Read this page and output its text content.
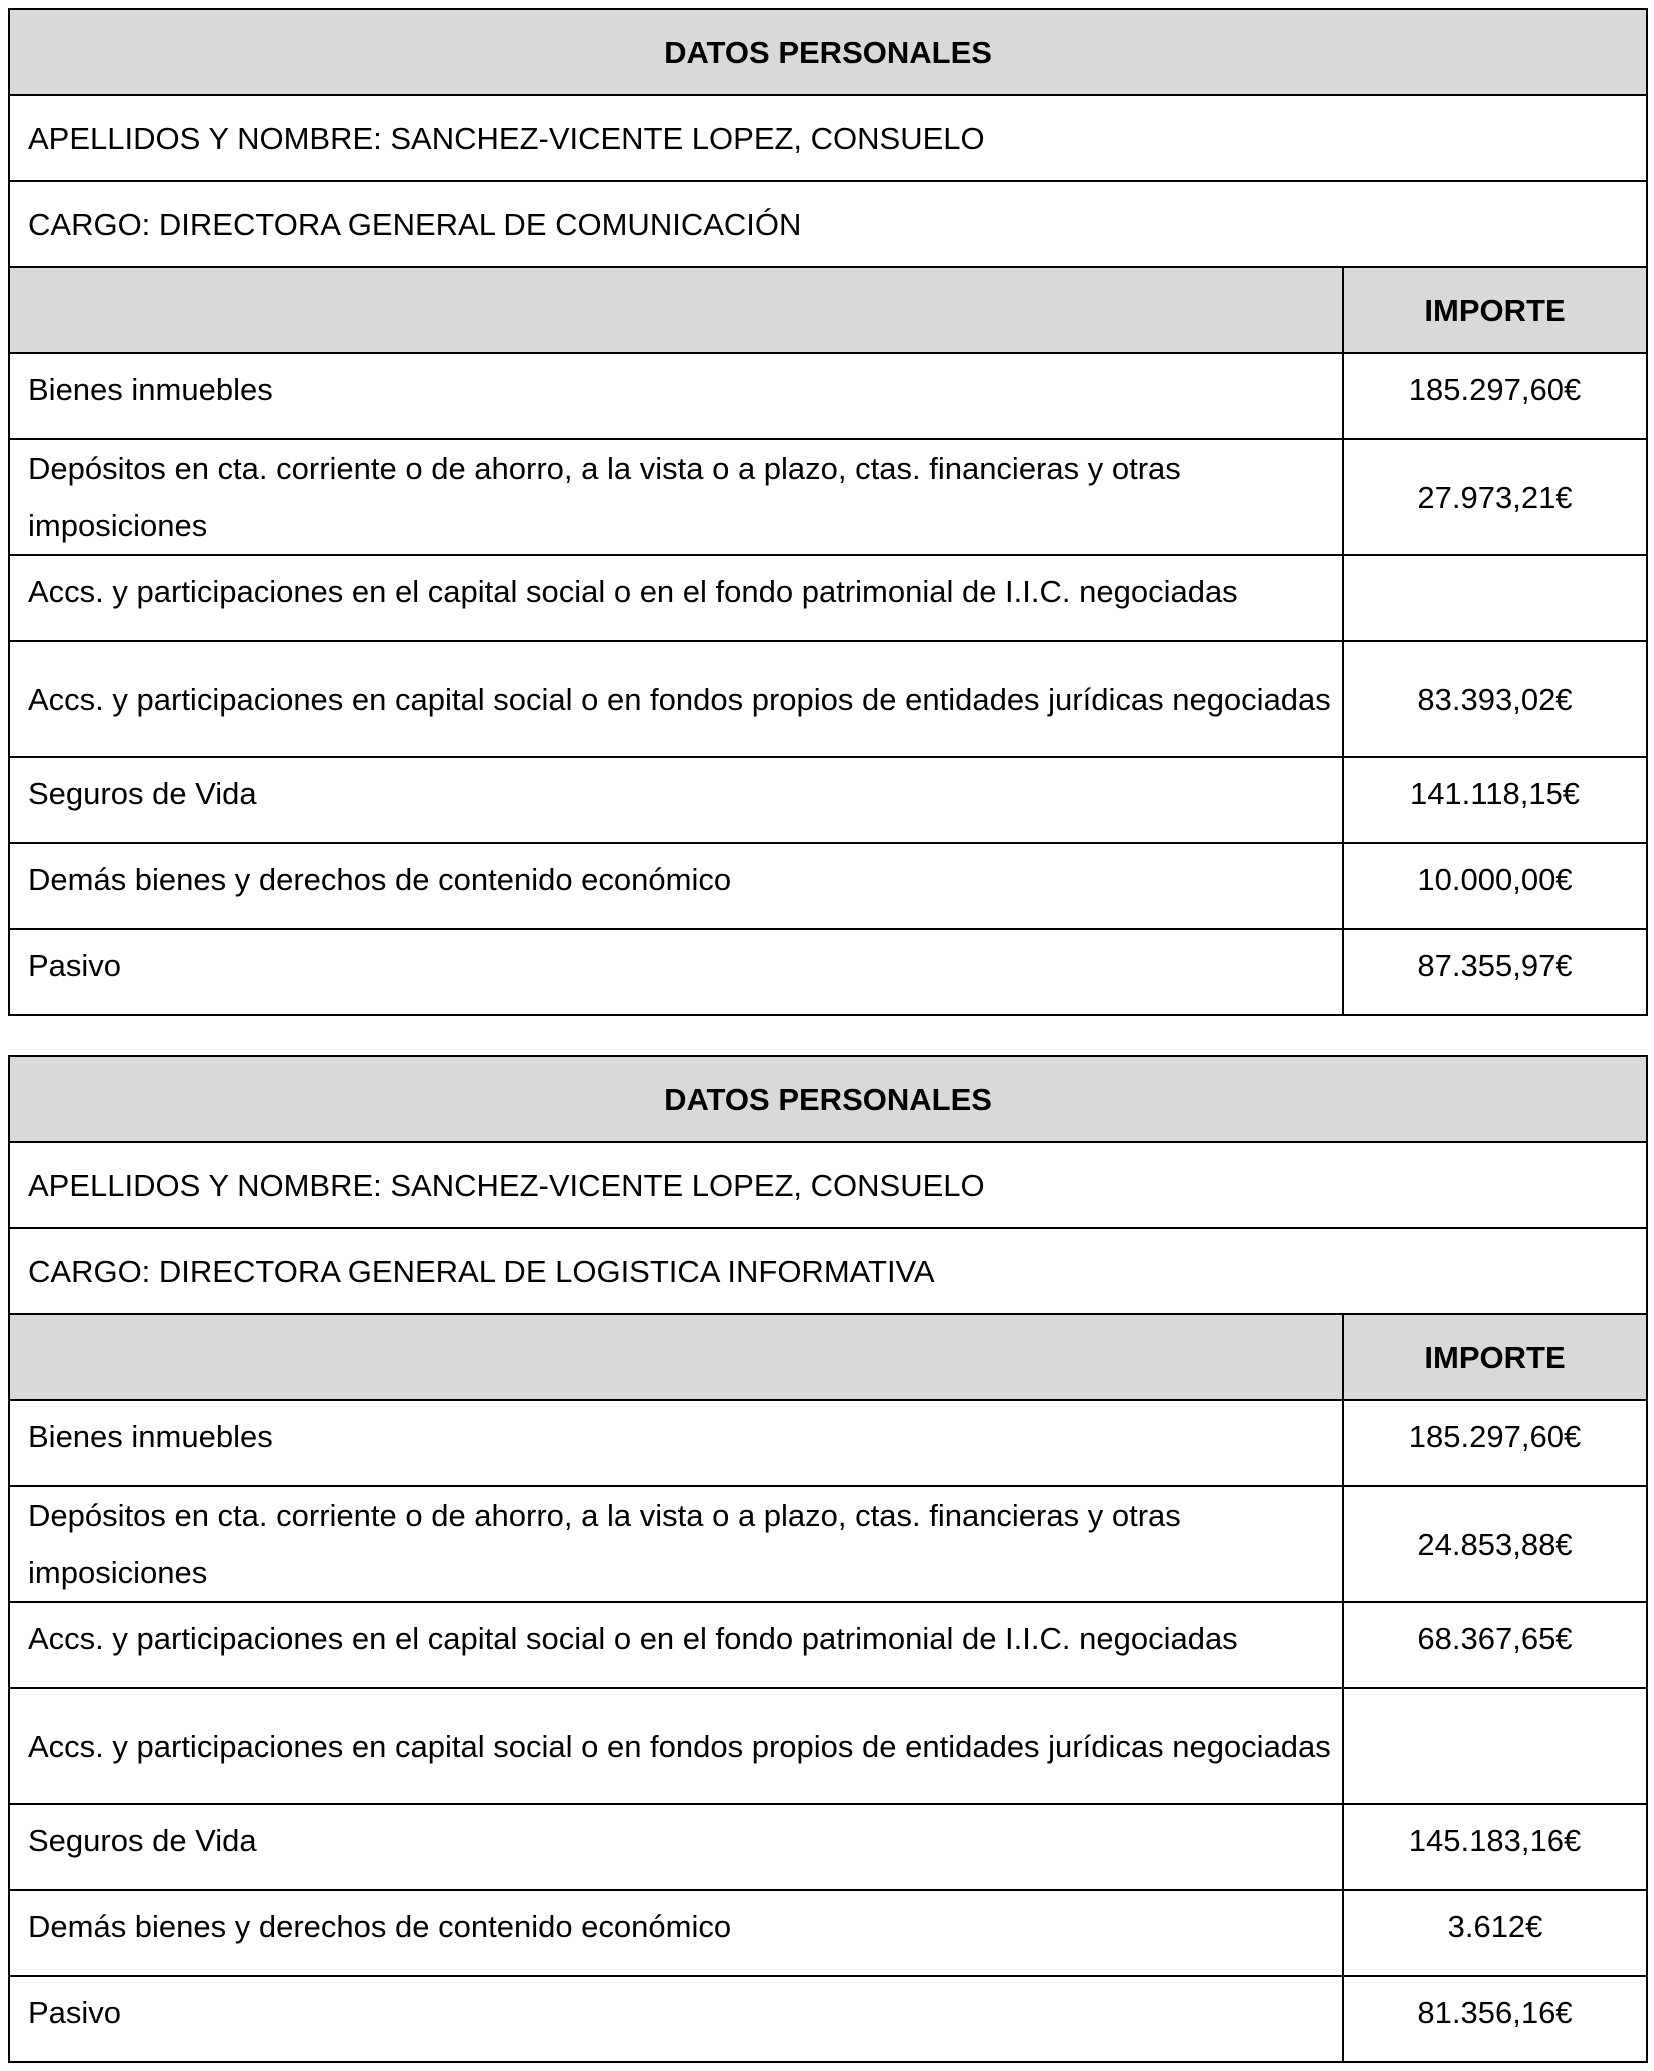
DATOS PERSONALES	
APELLIDOS Y NOMBRE: SANCHEZ-VICENTE LOPEZ, CONSUELO	
CARGO: DIRECTORA GENERAL DE COMUNICACIÓN	
	IMPORTE
Bienes inmuebles	185.297,60€
Depósitos en cta. corriente o de ahorro, a la vista o a plazo, ctas. financieras y otras imposiciones	27.973,21€
Accs. y participaciones en el capital social o en el fondo patrimonial de I.I.C. negociadas	
Accs. y participaciones en capital social o en fondos propios de entidades jurídicas negociadas	83.393,02€
Seguros de Vida	141.118,15€
Demás bienes y derechos de contenido económico	10.000,00€
Pasivo	87.355,97€
DATOS PERSONALES	
APELLIDOS Y NOMBRE: SANCHEZ-VICENTE LOPEZ, CONSUELO	
CARGO: DIRECTORA GENERAL DE LOGISTICA INFORMATIVA	
	IMPORTE
Bienes inmuebles	185.297,60€
Depósitos en cta. corriente o de ahorro, a la vista o a plazo, ctas. financieras y otras imposiciones	24.853,88€
Accs. y participaciones en el capital social o en el fondo patrimonial de I.I.C. negociadas	68.367,65€
Accs. y participaciones en capital social o en fondos propios de entidades jurídicas negociadas	
Seguros de Vida	145.183,16€
Demás bienes y derechos de contenido económico	3.612€
Pasivo	81.356,16€
